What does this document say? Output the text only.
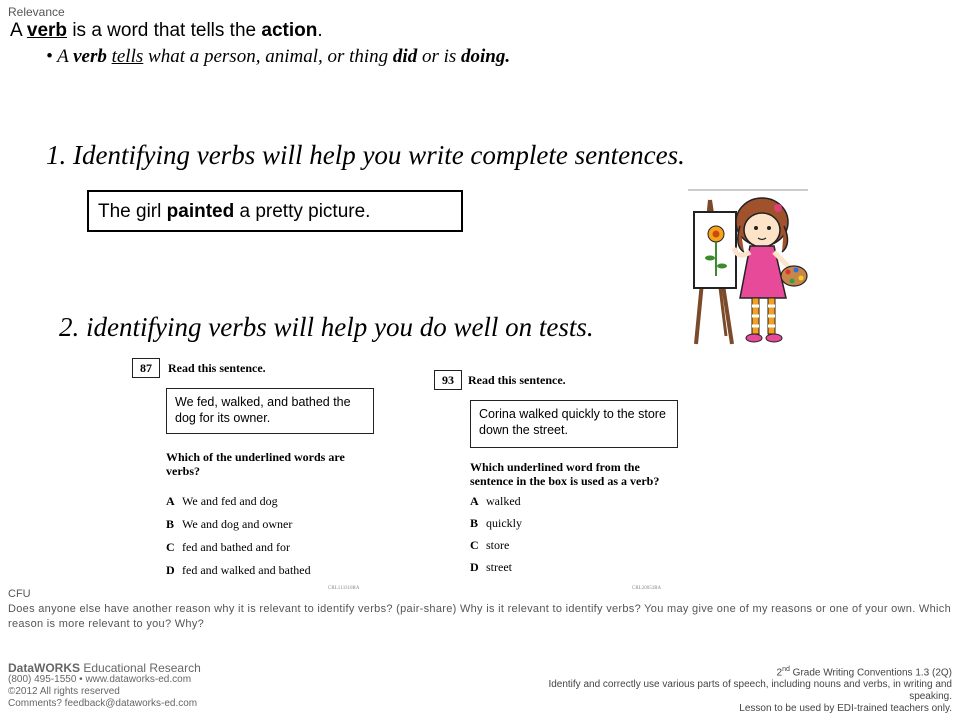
Relevance
A verb is a word that tells the action.
• A verb tells what a person, animal, or thing did or is doing.
1. Identifying verbs will help you write complete sentences.
The girl painted a pretty picture.
2. identifying verbs will help you do well on tests.
87	Read this sentence.
We fed, walked, and bathed the dog for its owner.
Which of the underlined words are verbs?
A We and fed and dog
B We and dog and owner
C fed and bathed and for
D fed and walked and bathed
CRL113310RA
93	Read this sentence.
Corina walked quickly to the store down the street.
Which underlined word from the sentence in the box is used as a verb?
A walked
B quickly
C store
D street
CRL20053RA
CFU
Does anyone else have another reason why it is relevant to identify verbs? (pair-share) Why is it relevant to identify verbs? You may give one of my reasons or one of your own. Which reason is more relevant to you? Why?
DataWORKS Educational Research
(800) 495-1550 • www.dataworks-ed.com
©2012 All rights reserved
Comments? feedback@dataworks-ed.com
2nd Grade Writing Conventions 1.3 (2Q)
Identify and correctly use various parts of speech, including nouns and verbs, in writing and speaking.
Lesson to be used by EDI-trained teachers only.
